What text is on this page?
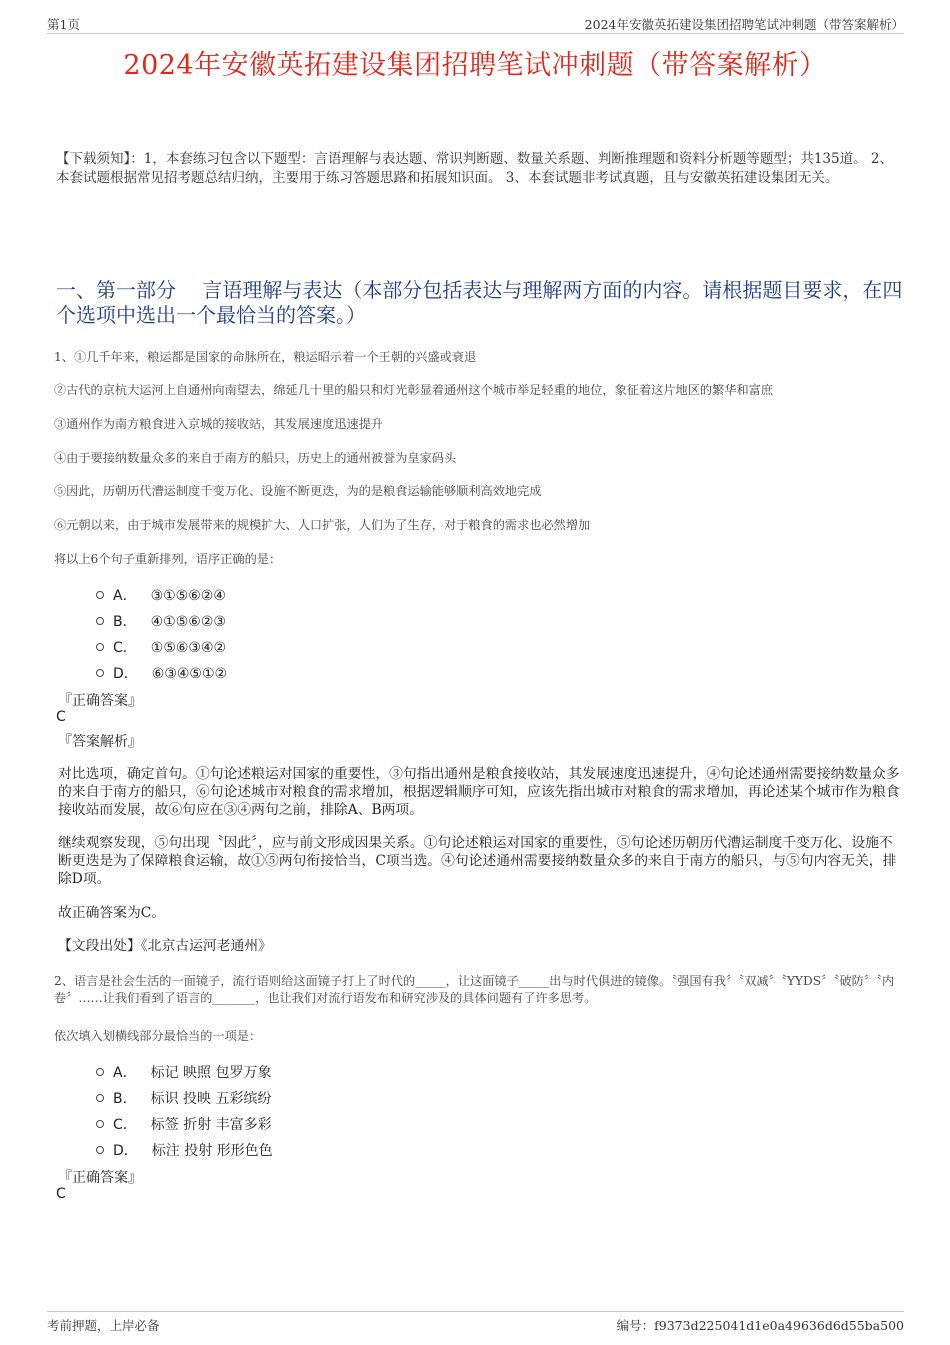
第1页	2024年安徽英拓建设集团招聘笔试冲刺题（带答案解析）
2024年安徽英拓建设集团招聘笔试冲刺题（带答案解析）
【下载须知】：1，本套练习包含以下题型：言语理解与表达题、常识判断题、数量关系题、判断推理题和资料分析题等题型；共135道。 2、本套试题根据常见招考题总结归纳，主要用于练习答题思路和拓展知识面。 3、本套试题非考试真题，且与安徽英拓建设集团无关。
一、第一部分　 言语理解与表达（本部分包括表达与理解两方面的内容。请根据题目要求，在四个选项中选出一个最恰当的答案。）
1、①几千年来，粮运都是国家的命脉所在，粮运昭示着一个王朝的兴盛或衰退
②古代的京杭大运河上自通州向南望去，绵延几十里的船只和灯光彰显着通州这个城市举足轻重的地位，象征着这片地区的繁华和富庶
③通州作为南方粮食进入京城的接收站，其发展速度迅速提升
④由于要接纳数量众多的来自于南方的船只，历史上的通州被誉为皇家码头
⑤因此，历朝历代漕运制度千变万化、设施不断更迭，为的是粮食运输能够顺利高效地完成
⑥元朝以来，由于城市发展带来的规模扩大、人口扩张，人们为了生存，对于粮食的需求也必然增加
将以上6个句子重新排列，语序正确的是：
A． ③①⑤⑥②④
B． ④①⑤⑥②③
C． ①⑤⑥③④②
D． ⑥③④⑤①②
『正确答案』
C
『答案解析』
对比选项，确定首句。①句论述粮运对国家的重要性，③句指出通州是粮食接收站，其发展速度迅速提升，④句论述通州需要接纳数量众多的来自于南方的船只，⑥句论述城市对粮食的需求增加，根据逻辑顺序可知，应该先指出城市对粮食的需求增加，再论述某个城市作为粮食接收站而发展，故⑥句应在③④两句之前，排除A、B两项。
继续观察发现，⑤句出现〝因此〞，应与前文形成因果关系。①句论述粮运对国家的重要性，⑤句论述历朝历代漕运制度千变万化、设施不断更迭是为了保障粮食运输，故①⑤两句衔接恰当，C项当选。④句论述通州需要接纳数量众多的来自于南方的船只，与⑤句内容无关，排除D项。
故正确答案为C。
【文段出处】《北京古运河老通州》
2、语言是社会生活的一面镜子，流行语则给这面镜子打上了时代的_____，让这面镜子_____出与时代俱进的镜像。〝强国有我〞〝双减〞〝YYDS〞〝破防〞〝内卷〞……让我们看到了语言的_______，也让我们对流行语发布和研究涉及的具体问题有了许多思考。
依次填入划横线部分最恰当的一项是：
A． 标记 映照 包罗万象
B． 标识 投映 五彩缤纷
C． 标签 折射 丰富多彩
D． 标注 投射 形形色色
『正确答案』
C
考前押题，上岸必备	编号：f9373d225041d1e0a49636d6d55ba500
